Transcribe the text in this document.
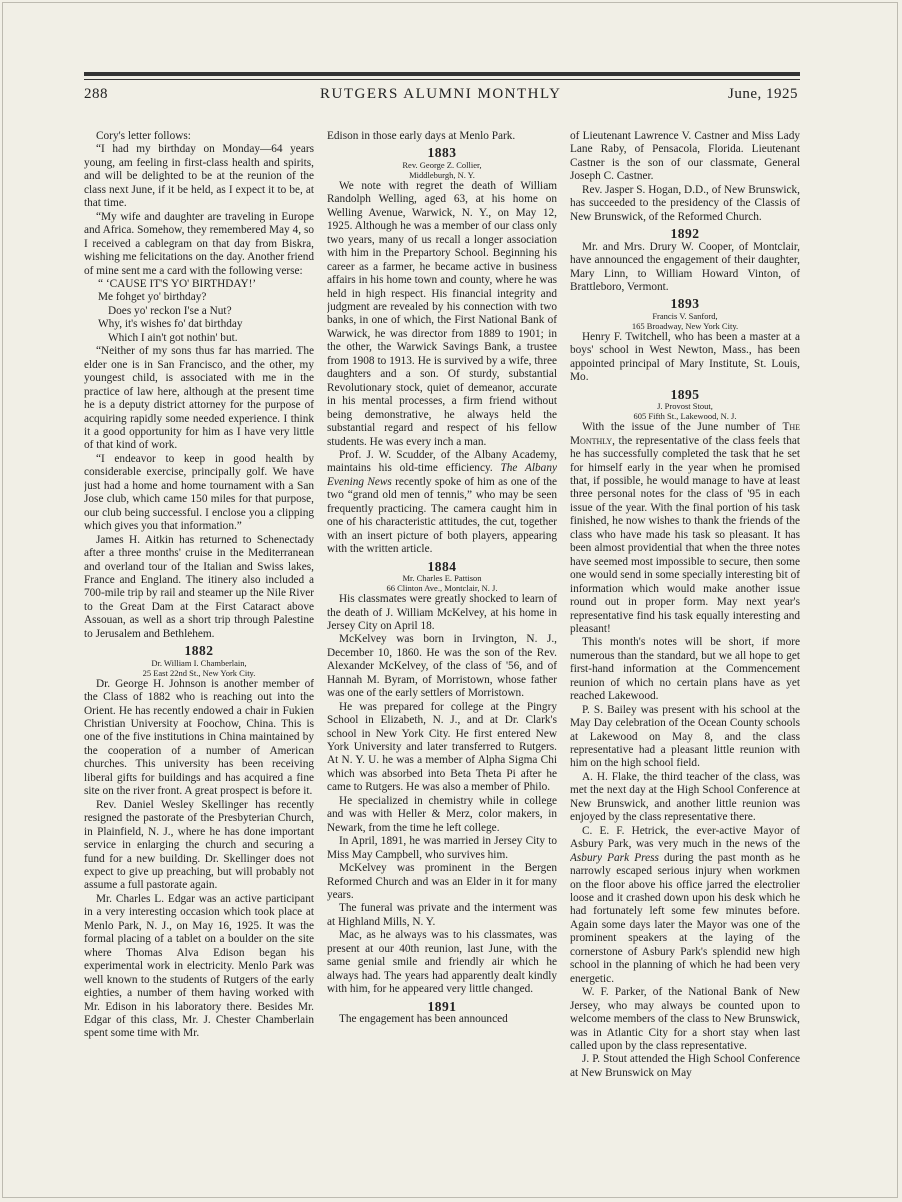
288	RUTGERS ALUMNI MONTHLY	June, 1925

Cory's letter follows:

“I had my birthday on Monday—64 years young, am feeling in first-class health and spirits, and will be delighted to be at the reunion of the class next June, if it be held, as I expect it to be, at that time.

“My wife and daughter are traveling in Europe and Africa. Somehow, they remembered May 4, so I received a cablegram on that day from Biskra, wishing me felicitations on the day. Another friend of mine sent me a card with the following verse:

“ ‘CAUSE IT'S YO' BIRTHDAY!’

Me fohget yo' birthday?

Does yo' reckon I'se a Nut?

Why, it's wishes fo' dat birthday

Which I ain't got nothin' but.

“Neither of my sons thus far has married. The elder one is in San Francisco, and the other, my youngest child, is associated with me in the practice of law here, although at the present time he is a deputy district attorney for the purpose of acquiring rapidly some needed experience. I think it a good opportunity for him as I have very little of that kind of work.

“I endeavor to keep in good health by considerable exercise, principally golf. We have just had a home and home tournament with a San Jose club, which came 150 miles for that purpose, our club being successful. I enclose you a clipping which gives you that information.”

James H. Aitkin has returned to Schenectady after a three months' cruise in the Mediterranean and overland tour of the Italian and Swiss lakes, France and England. The itinery also included a 700-mile trip by rail and steamer up the Nile River to the Great Dam at the First Cataract above Assouan, as well as a short trip through Palestine to Jerusalem and Bethlehem.

1882

Dr. William I. Chamberlain,

25 East 22nd St., New York City.

Dr. George H. Johnson is another member of the Class of 1882 who is reaching out into the Orient. He has recently endowed a chair in Fukien Christian University at Foochow, China. This is one of the five institutions in China maintained by the cooperation of a number of American churches. This university has been receiving liberal gifts for buildings and has acquired a fine site on the river front. A great prospect is before it.

Rev. Daniel Wesley Skellinger has recently resigned the pastorate of the Presbyterian Church, in Plainfield, N. J., where he has done important service in enlarging the church and securing a fund for a new building. Dr. Skellinger does not expect to give up preaching, but will probably not assume a full pastorate again.

Mr. Charles L. Edgar was an active participant in a very interesting occasion which took place at Menlo Park, N. J., on May 16, 1925. It was the formal placing of a tablet on a boulder on the site where Thomas Alva Edison began his experimental work in electricity. Menlo Park was well known to the students of Rutgers of the early eighties, a number of them having worked with Mr. Edison in his laboratory there. Besides Mr. Edgar of this class, Mr. J. Chester Chamberlain spent some time with Mr.

Edison in those early days at Menlo Park.

1883

Rev. George Z. Collier,

Middleburgh, N. Y.

We note with regret the death of William Randolph Welling, aged 63, at his home on Welling Avenue, Warwick, N. Y., on May 12, 1925. Although he was a member of our class only two years, many of us recall a longer association with him in the Prepartory School. Beginning his career as a farmer, he became active in business affairs in his home town and county, where he was held in high respect. His financial integrity and judgment are revealed by his connection with two banks, in one of which, the First National Bank of Warwick, he was director from 1889 to 1901; in the other, the Warwick Savings Bank, a trustee from 1908 to 1913. He is survived by a wife, three daughters and a son. Of sturdy, substantial Revolutionary stock, quiet of demeanor, accurate in his mental processes, a firm friend without being demonstrative, he always held the substantial regard and respect of his fellow students. He was every inch a man.

Prof. J. W. Scudder, of the Albany Academy, maintains his old-time efficiency. The Albany Evening News recently spoke of him as one of the two “grand old men of tennis,” who may be seen frequently practicing. The camera caught him in one of his characteristic attitudes, the cut, together with an insert picture of both players, appearing with the written article.

1884

Mr. Charles E. Pattison

66 Clinton Ave., Montclair, N. J.

His classmates were greatly shocked to learn of the death of J. William McKelvey, at his home in Jersey City on April 18.

McKelvey was born in Irvington, N. J., December 10, 1860. He was the son of the Rev. Alexander McKelvey, of the class of '56, and of Hannah M. Byram, of Morristown, whose father was one of the early settlers of Morristown.

He was prepared for college at the Pingry School in Elizabeth, N. J., and at Dr. Clark's school in New York City. He first entered New York University and later transferred to Rutgers. At N. Y. U. he was a member of Alpha Sigma Chi which was absorbed into Beta Theta Pi after he came to Rutgers. He was also a member of Philo.

He specialized in chemistry while in college and was with Heller & Merz, color makers, in Newark, from the time he left college.

In April, 1891, he was married in Jersey City to Miss May Campbell, who survives him.

McKelvey was prominent in the Bergen Reformed Church and was an Elder in it for many years.

The funeral was private and the interment was at Highland Mills, N. Y.

Mac, as he always was to his classmates, was present at our 40th reunion, last June, with the same genial smile and friendly air which he always had. The years had apparently dealt kindly with him, for he appeared very little changed.

1891

The engagement has been announced

of Lieutenant Lawrence V. Castner and Miss Lady Lane Raby, of Pensacola, Florida. Lieutenant Castner is the son of our classmate, General Joseph C. Castner.

Rev. Jasper S. Hogan, D.D., of New Brunswick, has succeeded to the presidency of the Classis of New Brunswick, of the Reformed Church.

1892

Mr. and Mrs. Drury W. Cooper, of Montclair, have announced the engagement of their daughter, Mary Linn, to William Howard Vinton, of Brattleboro, Vermont.

1893

Francis V. Sanford,

165 Broadway, New York City.

Henry F. Twitchell, who has been a master at a boys' school in West Newton, Mass., has been appointed principal of Mary Institute, St. Louis, Mo.

1895

J. Provost Stout,

605 Fifth St., Lakewood, N. J.

With the issue of the June number of The Monthly, the representative of the class feels that he has successfully completed the task that he set for himself early in the year when he promised that, if possible, he would manage to have at least three personal notes for the class of '95 in each issue of the year. With the final portion of his task finished, he now wishes to thank the friends of the class who have made his task so pleasant. It has been almost providential that when the three notes have seemed most impossible to secure, then some one would send in some specially interesting bit of information which would make another issue round out in proper form. May next year's representative find his task equally interesting and pleasant!

This month's notes will be short, if more numerous than the standard, but we all hope to get first-hand information at the Commencement reunion of which no certain plans have as yet reached Lakewood.

P. S. Bailey was present with his school at the May Day celebration of the Ocean County schools at Lakewood on May 8, and the class representative had a pleasant little reunion with him on the high school field.

A. H. Flake, the third teacher of the class, was met the next day at the High School Conference at New Brunswick, and another little reunion was enjoyed by the class representative there.

C. E. F. Hetrick, the ever-active Mayor of Asbury Park, was very much in the news of the Asbury Park Press during the past month as he narrowly escaped serious injury when workmen on the floor above his office jarred the electrolier loose and it crashed down upon his desk which he had fortunately left some few minutes before. Again some days later the Mayor was one of the prominent speakers at the laying of the cornerstone of Asbury Park's splendid new high school in the planning of which he had been very energetic.

W. F. Parker, of the National Bank of New Jersey, who may always be counted upon to welcome members of the class to New Brunswick, was in Atlantic City for a short stay when last called upon by the class representative.

J. P. Stout attended the High School Conference at New Brunswick on May
